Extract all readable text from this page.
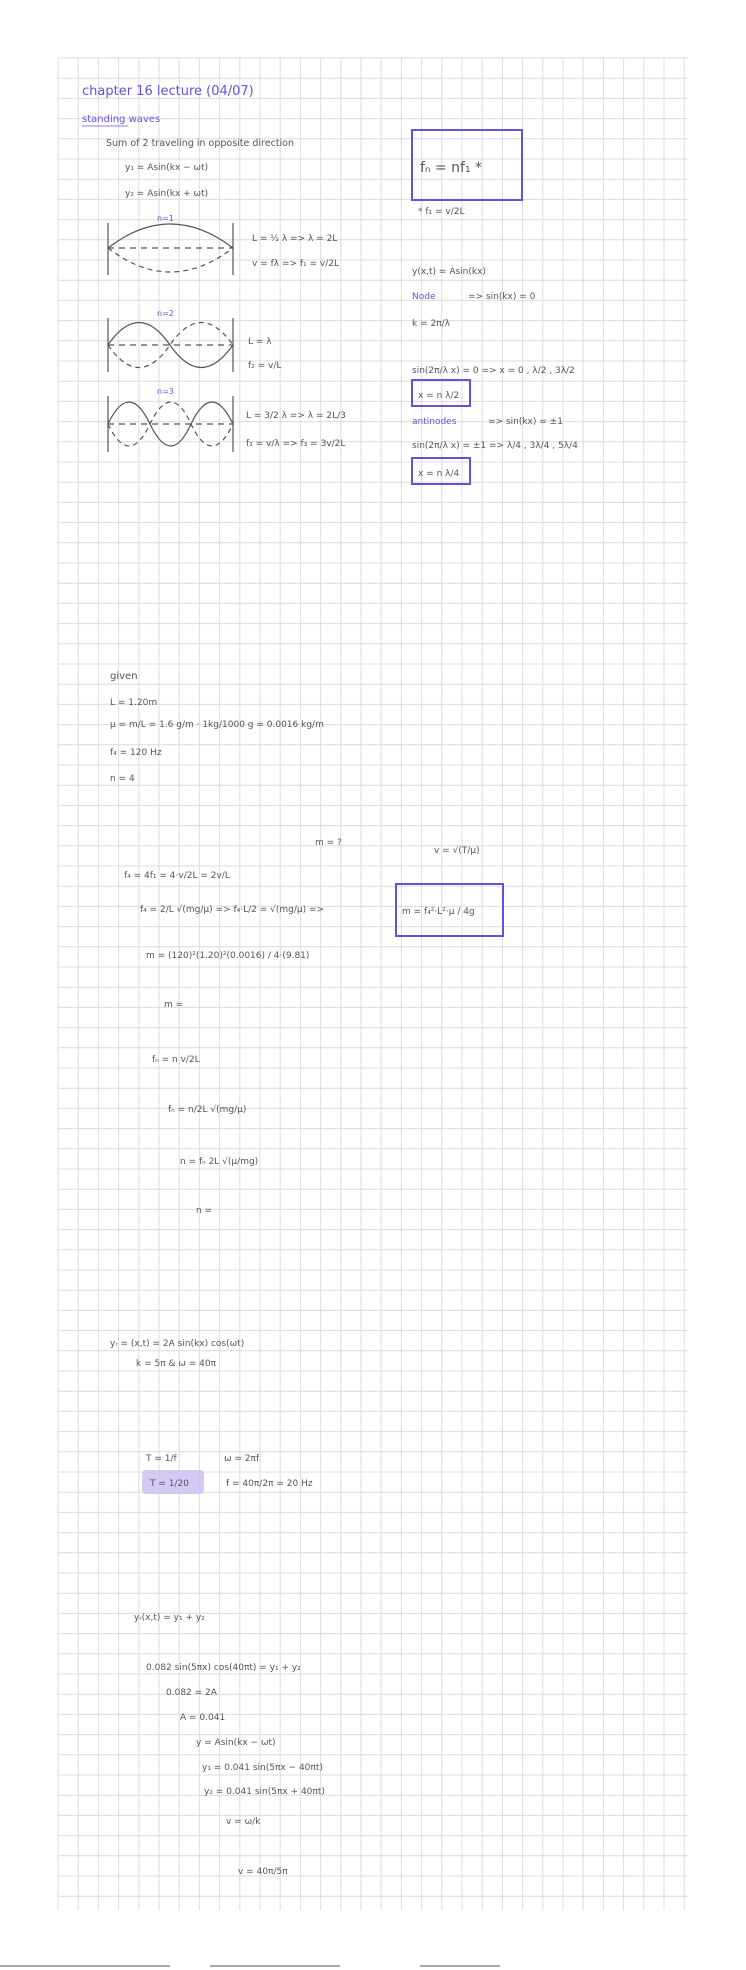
chapter 16 lecture (04/07)
standing waves
Sum of 2 traveling in opposite direction
y₁ = Asin(kx − ωt)
y₂ = Asin(kx + ωt)
n=1
L = ½ λ => λ = 2L
v = fλ => f₁ = v/2L
n=2
L = λ
f₂ = v/L
n=3
L = 3/2 λ => λ = 2L/3
f₃ = v/λ => f₃ = 3v/2L
fₙ = nf₁ *
* f₁ = v/2L
y(x,t) = Asin(kx)
Node	=> sin(kx) = 0
k = 2π/λ
sin(2π/λ x) = 0 => x = 0 , λ/2 , 3λ/2
x = n λ/2
antinodes	=> sin(kx) = ±1
sin(2π/λ x) = ±1 => λ/4 , 3λ/4 , 5λ/4
x = n λ/4
given
L = 1.20m
μ = m/L = 1.6 g/m · 1kg/1000 g = 0.0016 kg/m
f₄ = 120 Hz
n = 4
m = ?
v = √(T/μ)
f₄ = 4f₁ = 4·v/2L = 2v/L
f₄ = 2/L √(mg/μ) => f₄·L/2 = √(mg/μ) =>	m = f₄²·L²·μ / 4g
m = (120)²(1.20)²(0.0016) / 4·(9.81)
m =
fₙ = n v/2L
fₙ = n/2L √(mg/μ)
n = fₙ 2L √(μ/mg)
n =
yᵣ = (x,t) = 2A sin(kx) cos(ωt)
k = 5π & ω = 40π
T = 1/f	ω = 2πf
T = 1/20	f = 40π/2π = 20 Hz
yᵣ(x,t) = y₁ + y₂
0.082 sin(5πx) cos(40πt) = y₁ + y₂
0.082 = 2A
A = 0.041
y = Asin(kx − ωt)
y₁ = 0.041 sin(5πx − 40πt)
y₂ = 0.041 sin(5πx + 40πt)
v = ω/k
v = 40π/5π
